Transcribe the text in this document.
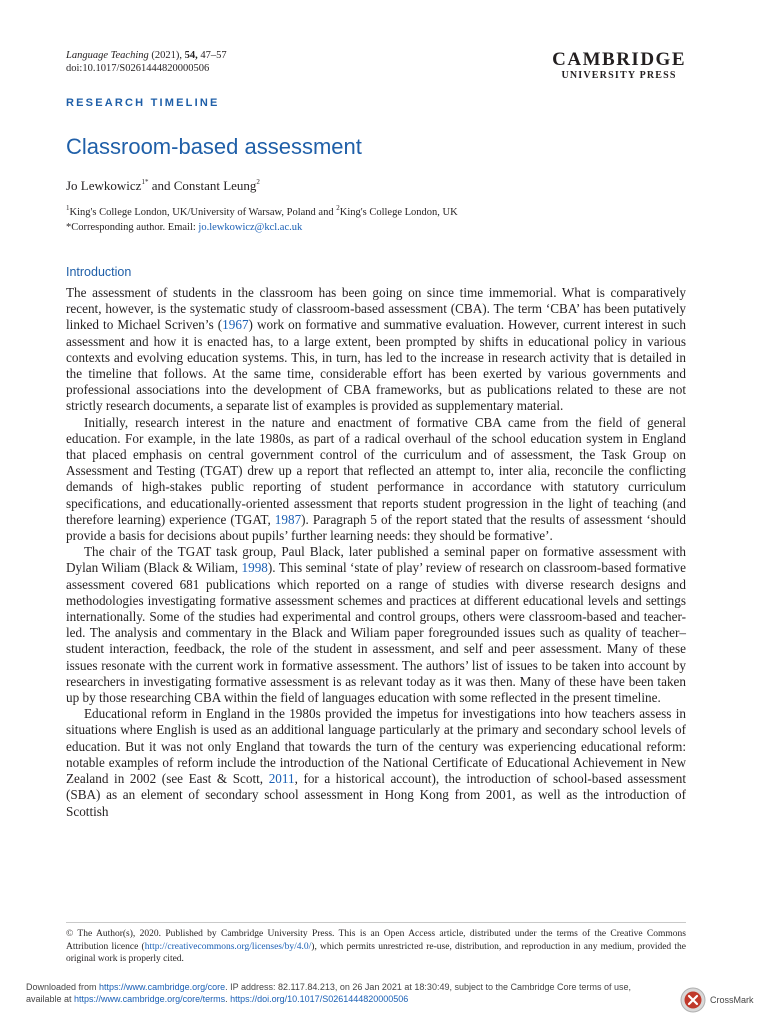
Language Teaching (2021), 54, 47–57
doi:10.1017/S0261444820000506	CAMBRIDGE
UNIVERSITY PRESS
RESEARCH TIMELINE
Classroom-based assessment
Jo Lewkowicz$^{1*}$ and Constant Leung$^2$
$^1$King's College London, UK/University of Warsaw, Poland and $^2$King's College London, UK
*Corresponding author. Email: jo.lewkowicz@kcl.ac.uk
Introduction

The assessment of students in the classroom has been going on since time immemorial. What is comparatively recent, however, is the systematic study of classroom-based assessment (CBA). The term ‘CBA’ has been putatively linked to Michael Scriven’s (1967) work on formative and summative evaluation. However, current interest in such assessment and how it is enacted has, to a large extent, been prompted by shifts in educational policy in various contexts and evolving education systems. This, in turn, has led to the increase in research activity that is detailed in the timeline that follows. At the same time, considerable effort has been exerted by various governments and professional associations into the development of CBA frameworks, but as publications related to these are not strictly research documents, a separate list of examples is provided as supplementary material.

Initially, research interest in the nature and enactment of formative CBA came from the field of general education. For example, in the late 1980s, as part of a radical overhaul of the school education system in England that placed emphasis on central government control of the curriculum and of assessment, the Task Group on Assessment and Testing (TGAT) drew up a report that reflected an attempt to, inter alia, reconcile the conflicting demands of high-stakes public reporting of student performance in accordance with statutory curriculum specifications, and educationally-oriented assessment that reports student progression in the light of teaching (and therefore learning) experience (TGAT, 1987). Paragraph 5 of the report stated that the results of assessment ‘should provide a basis for decisions about pupils’ further learning needs: they should be formative’.

The chair of the TGAT task group, Paul Black, later published a seminal paper on formative assessment with Dylan Wiliam (Black & Wiliam, 1998). This seminal ‘state of play’ review of research on classroom-based formative assessment covered 681 publications which reported on a range of studies with diverse research designs and methodologies investigating formative assessment schemes and practices at different educational levels and settings internationally. Some of the studies had experimental and control groups, others were classroom-based and teacher-led. The analysis and commentary in the Black and Wiliam paper foregrounded issues such as quality of teacher–student interaction, feedback, the role of the student in assessment, and self and peer assessment. Many of these issues resonate with the current work in formative assessment. The authors’ list of issues to be taken into account by researchers in investigating formative assessment is as relevant today as it was then. Many of these have been taken up by those researching CBA within the field of languages education with some reflected in the present timeline.

Educational reform in England in the 1980s provided the impetus for investigations into how teachers assess in situations where English is used as an additional language particularly at the primary and secondary school levels of education. But it was not only England that towards the turn of the century was experiencing educational reform: notable examples of reform include the introduction of the National Certificate of Educational Achievement in New Zealand in 2002 (see East & Scott, 2011, for a historical account), the introduction of school-based assessment (SBA) as an element of secondary school assessment in Hong Kong from 2001, as well as the introduction of Scottish

© The Author(s), 2020. Published by Cambridge University Press. This is an Open Access article, distributed under the terms of the Creative Commons Attribution licence (http://creativecommons.org/licenses/by/4.0/), which permits unrestricted re-use, distribution, and reproduction in any medium, provided the original work is properly cited.
Downloaded from https://www.cambridge.org/core. IP address: 82.117.84.213, on 26 Jan 2021 at 18:30:49, subject to the Cambridge Core terms of use, available at https://www.cambridge.org/core/terms. https://doi.org/10.1017/S0261444820000506	CrossMark
